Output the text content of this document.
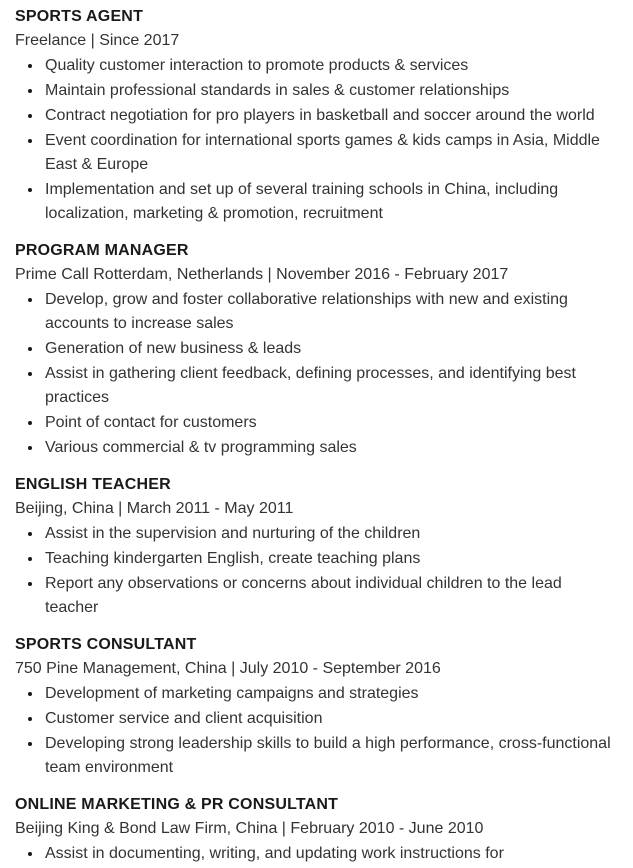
SPORTS AGENT

Freelance | Since 2017

• Quality customer interaction to promote products & services
• Maintain professional standards in sales & customer relationships
• Contract negotiation for pro players in basketball and soccer around the world
• Event coordination for international sports games & kids camps in Asia, Middle East & Europe
• Implementation and set up of several training schools in China, including localization, marketing & promotion, recruitment
PROGRAM MANAGER

Prime Call Rotterdam, Netherlands | November 2016 - February 2017

• Develop, grow and foster collaborative relationships with new and existing accounts to increase sales
• Generation of new business & leads
• Assist in gathering client feedback, defining processes, and identifying best practices
• Point of contact for customers
• Various commercial & tv programming sales
ENGLISH TEACHER

Beijing, China | March 2011 - May 2011

• Assist in the supervision and nurturing of the children
• Teaching kindergarten English, create teaching plans
• Report any observations or concerns about individual children to the lead teacher
SPORTS CONSULTANT

750 Pine Management, China | July 2010 - September 2016

• Development of marketing campaigns and strategies
• Customer service and client acquisition
• Developing strong leadership skills to build a high performance, cross-functional team environment
ONLINE MARKETING & PR CONSULTANT

Beijing King & Bond Law Firm, China | February 2010 - June 2010

• Assist in documenting, writing, and updating work instructions for
